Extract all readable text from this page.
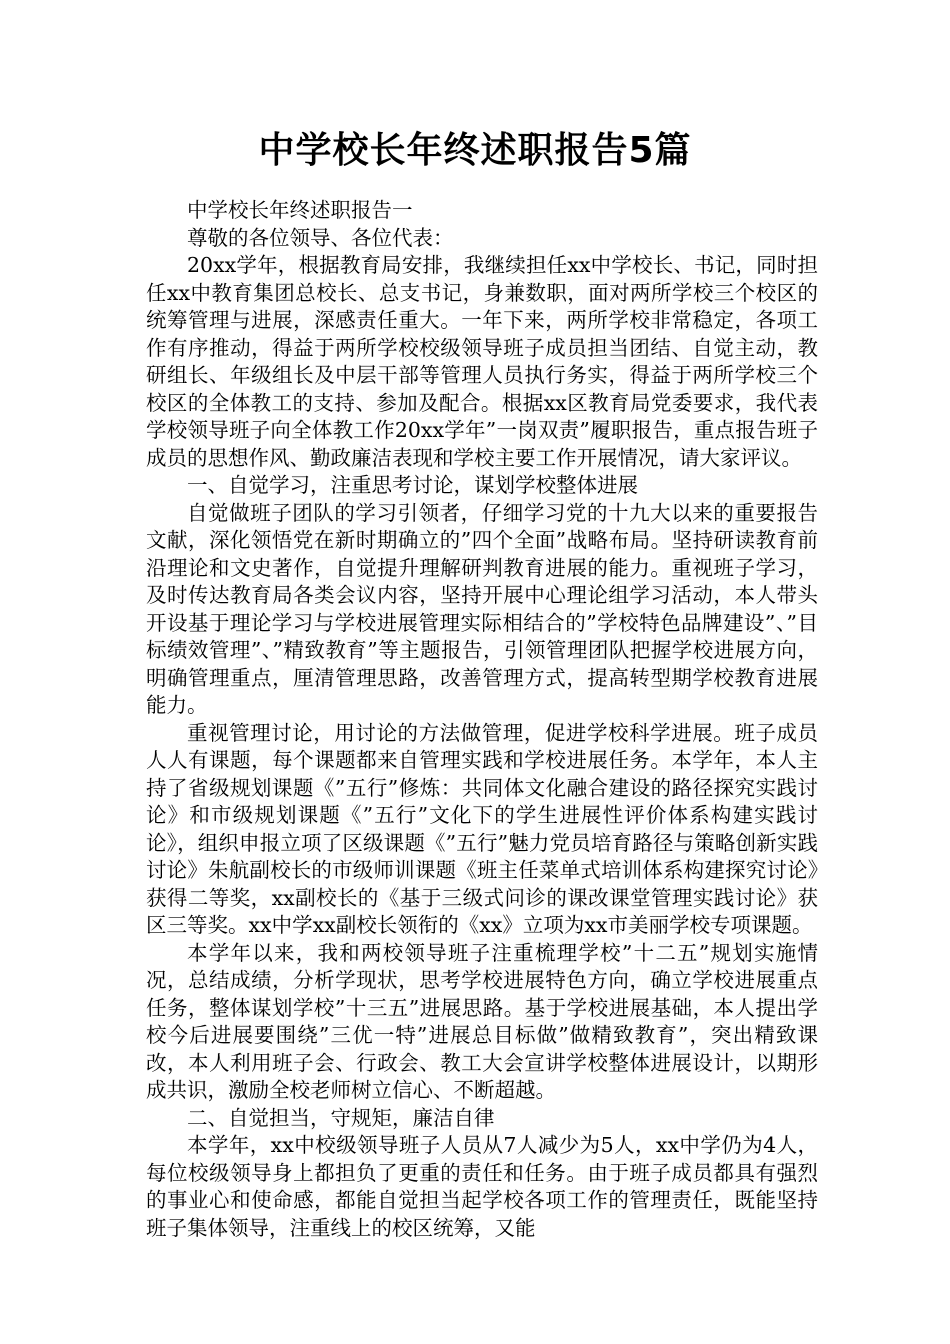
中学校长年终述职报告5篇

中学校长年终述职报告一

尊敬的各位领导、各位代表：

20xx学年，根据教育局安排，我继续担任xx中学校长、书记，同时担任xx中教育集团总校长、总支书记，身兼数职，面对两所学校三个校区的统筹管理与进展，深感责任重大。一年下来，两所学校非常稳定，各项工作有序推动，得益于两所学校校级领导班子成员担当团结、自觉主动，教研组长、年级组长及中层干部等管理人员执行务实，得益于两所学校三个校区的全体教工的支持、参加及配合。根据xx区教育局党委要求，我代表学校领导班子向全体教工作20xx学年”一岗双责”履职报告，重点报告班子成员的思想作风、勤政廉洁表现和学校主要工作开展情况，请大家评议。

一、自觉学习，注重思考讨论，谋划学校整体进展

自觉做班子团队的学习引领者，仔细学习党的十九大以来的重要报告文献，深化领悟党在新时期确立的”四个全面”战略布局。坚持研读教育前沿理论和文史著作，自觉提升理解研判教育进展的能力。重视班子学习，及时传达教育局各类会议内容，坚持开展中心理论组学习活动，本人带头开设基于理论学习与学校进展管理实际相结合的”学校特色品牌建设”、”目标绩效管理”、”精致教育”等主题报告，引领管理团队把握学校进展方向，明确管理重点，厘清管理思路，改善管理方式，提高转型期学校教育进展能力。

重视管理讨论，用讨论的方法做管理，促进学校科学进展。班子成员人人有课题，每个课题都来自管理实践和学校进展任务。本学年，本人主持了省级规划课题《”五行”修炼：共同体文化融合建设的路径探究实践讨论》和市级规划课题《”五行”文化下的学生进展性评价体系构建实践讨论》，组织申报立项了区级课题《”五行”魅力党员培育路径与策略创新实践讨论》朱航副校长的市级师训课题《班主任菜单式培训体系构建探究讨论》获得二等奖，xx副校长的《基于三级式问诊的课改课堂管理实践讨论》获区三等奖。xx中学xx副校长领衔的《xx》立项为xx市美丽学校专项课题。

本学年以来，我和两校领导班子注重梳理学校”十二五”规划实施情况，总结成绩，分析学现状，思考学校进展特色方向，确立学校进展重点任务，整体谋划学校”十三五”进展思路。基于学校进展基础，本人提出学校今后进展要围绕”三优一特”进展总目标做”做精致教育”，突出精致课改，本人利用班子会、行政会、教工大会宣讲学校整体进展设计，以期形成共识，激励全校老师树立信心、不断超越。

二、自觉担当，守规矩，廉洁自律

本学年，xx中校级领导班子人员从7人减少为5人，xx中学仍为4人，每位校级领导身上都担负了更重的责任和任务。由于班子成员都具有强烈的事业心和使命感，都能自觉担当起学校各项工作的管理责任，既能坚持班子集体领导，注重线上的校区统筹，又能
